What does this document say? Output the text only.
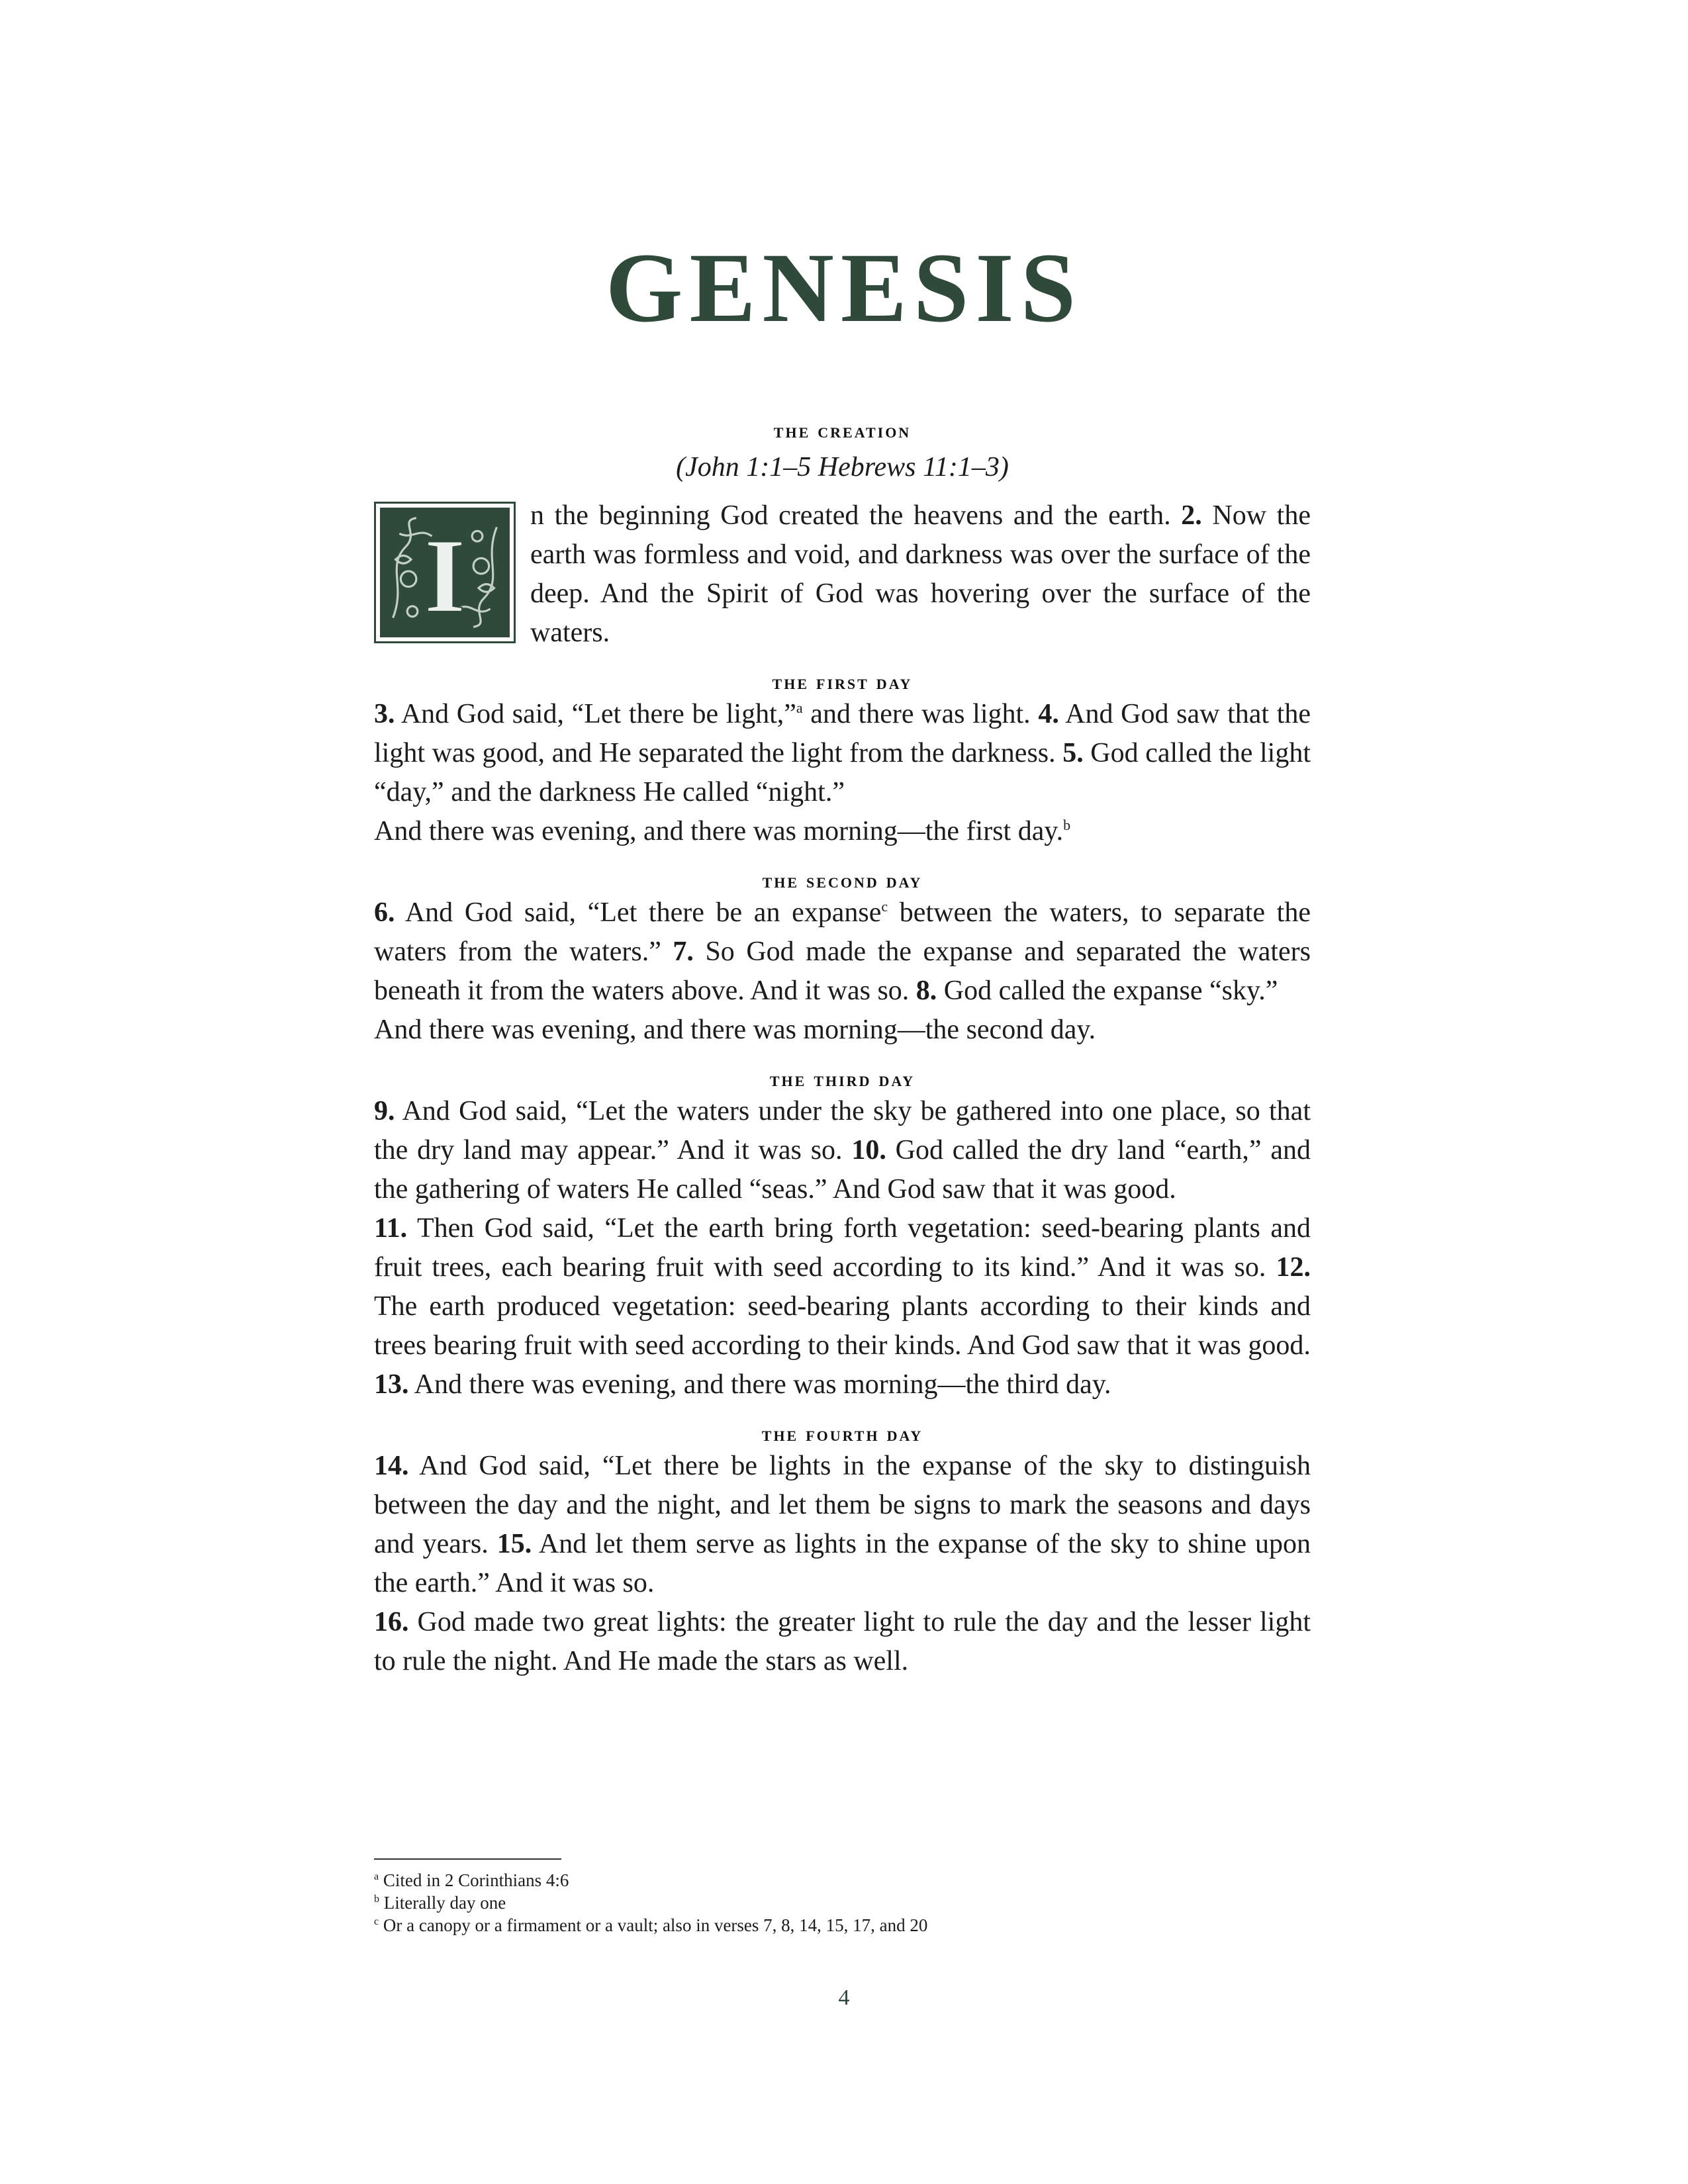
GENESIS
the creation
(John 1:1–5 Hebrews 11:1–3)
I

n the beginning God created the heavens and the earth. 2. Now the earth was formless and void, and darkness was over the surface of the deep. And the Spirit of God was hovering over the surface of the waters.

the first day

3. And God said, “Let there be light,”$^a$ and there was light. 4. And God saw that the light was good, and He separated the light from the darkness. 5. God called the light “day,” and the darkness He called “night.”

And there was evening, and there was morning—the first day.$^b$

the second day

6. And God said, “Let there be an expanse$^c$ between the waters, to separate the waters from the waters.” 7. So God made the expanse and separated the waters beneath it from the waters above. And it was so. 8. God called the expanse “sky.”

And there was evening, and there was morning—the second day.

the third day

9. And God said, “Let the waters under the sky be gathered into one place, so that the dry land may appear.” And it was so. 10. God called the dry land “earth,” and the gathering of waters He called “seas.” And God saw that it was good.

11. Then God said, “Let the earth bring forth vegetation: seed-bearing plants and fruit trees, each bearing fruit with seed according to its kind.” And it was so. 12. The earth produced vegetation: seed-bearing plants according to their kinds and trees bearing fruit with seed according to their kinds. And God saw that it was good.

13. And there was evening, and there was morning—the third day.

the fourth day

14. And God said, “Let there be lights in the expanse of the sky to distinguish between the day and the night, and let them be signs to mark the seasons and days and years. 15. And let them serve as lights in the expanse of the sky to shine upon the earth.” And it was so.

16. God made two great lights: the greater light to rule the day and the lesser light to rule the night. And He made the stars as well.

$^a$ Cited in 2 Corinthians 4:6

$^b$ Literally day one

$^c$ Or a canopy or a firmament or a vault; also in verses 7, 8, 14, 15, 17, and 20

4
